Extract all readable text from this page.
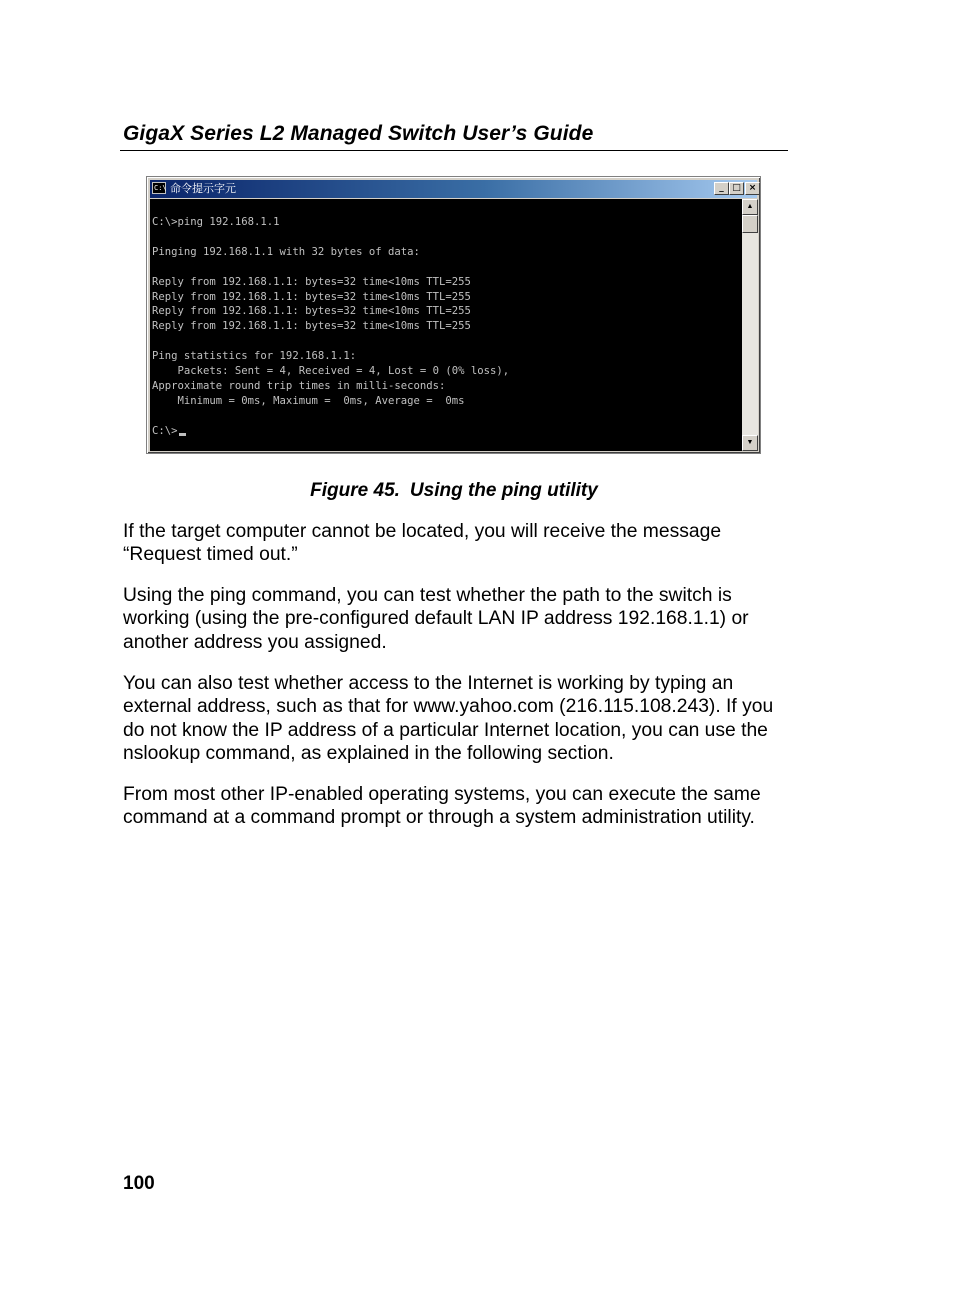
GigaX Series L2 Managed Switch User’s Guide
C:\ 命令提示字元	_ □ ×
C:\>ping 192.168.1.1

Pinging 192.168.1.1 with 32 bytes of data:

Reply from 192.168.1.1: bytes=32 time<10ms TTL=255
Reply from 192.168.1.1: bytes=32 time<10ms TTL=255
Reply from 192.168.1.1: bytes=32 time<10ms TTL=255
Reply from 192.168.1.1: bytes=32 time<10ms TTL=255

Ping statistics for 192.168.1.1:
Packets: Sent = 4, Received = 4, Lost = 0 (0% loss),
Approximate round trip times in milli-seconds:
Minimum = 0ms, Maximum =  0ms, Average =  0ms

C:\>
▲
▼

Figure 45. Using the ping utility

If the target computer cannot be located, you will receive the message “Request timed out.”

Using the ping command, you can test whether the path to the switch is working (using the pre-configured default LAN IP address 192.168.1.1) or another address you assigned.

You can also test whether access to the Internet is working by typing an external address, such as that for www.yahoo.com (216.115.108.243). If you do not know the IP address of a particular Internet location, you can use the nslookup command, as explained in the following section.

From most other IP-enabled operating systems, you can execute the same command at a command prompt or through a system administration utility.

100
